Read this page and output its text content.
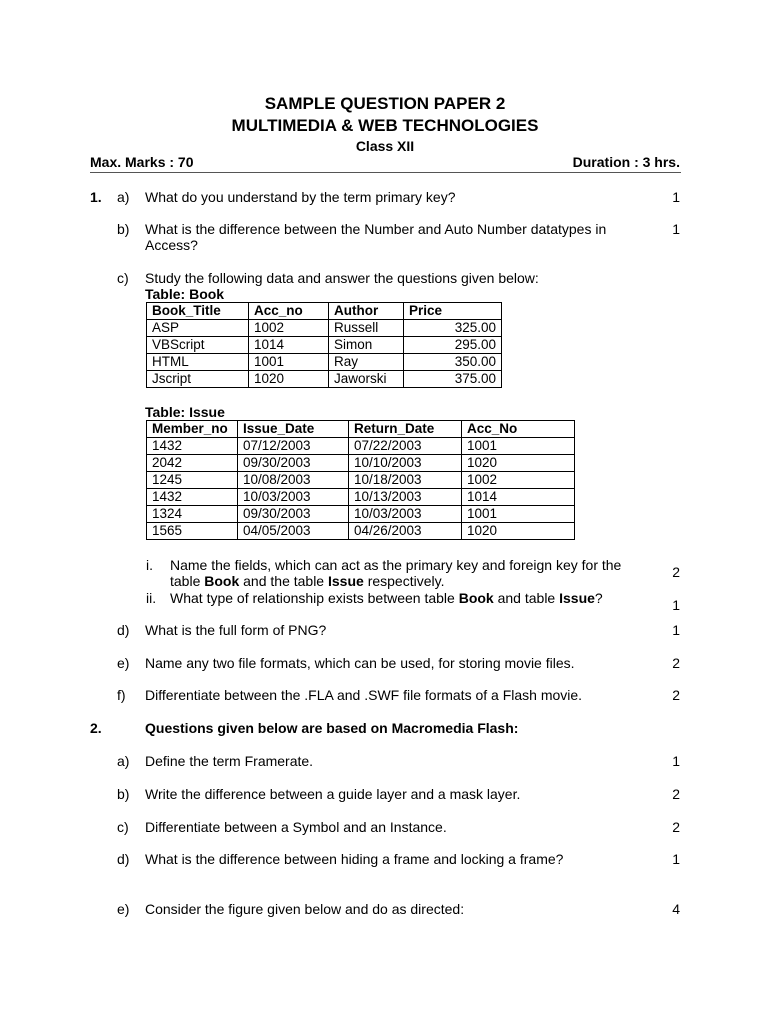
SAMPLE QUESTION PAPER 2
MULTIMEDIA & WEB TECHNOLOGIES
Class XII
Max. Marks : 70	Duration : 3 hrs.
1. a) What do you understand by the term primary key?	1
b) What is the difference between the Number and Auto Number datatypes in
Access?
1
c) Study the following data and answer the questions given below:
Table: Book
Book_Title	Acc_no	Author	Price
ASP	1002	Russell	325.00
VBScript	1014	Simon	295.00
HTML	1001	Ray	350.00
Jscript	1020	Jaworski	375.00
Table: Issue
Member_no	Issue_Date	Return_Date	Acc_No
1432	07/12/2003	07/22/2003	1001
2042	09/30/2003	10/10/2003	1020
1245	10/08/2003	10/18/2003	1002
1432	10/03/2003	10/13/2003	1014
1324	09/30/2003	10/03/2003	1001
1565	04/05/2003	04/26/2003	1020
i. Name the fields, which can act as the primary key and foreign key for the
table Book and the table Issue respectively.
2
ii. What type of relationship exists between table Book and table Issue?	1
d) What is the full form of PNG?	1
e) Name any two file formats, which can be used, for storing movie files.	2
f) Differentiate between the .FLA and .SWF file formats of a Flash movie.	2
2.	Questions given below are based on Macromedia Flash:
a) Define the term Framerate.	1
b) Write the difference between a guide layer and a mask layer.	2
c) Differentiate between a Symbol and an Instance.	2
d) What is the difference between hiding a frame and locking a frame?	1
e) Consider the figure given below and do as directed:	4
